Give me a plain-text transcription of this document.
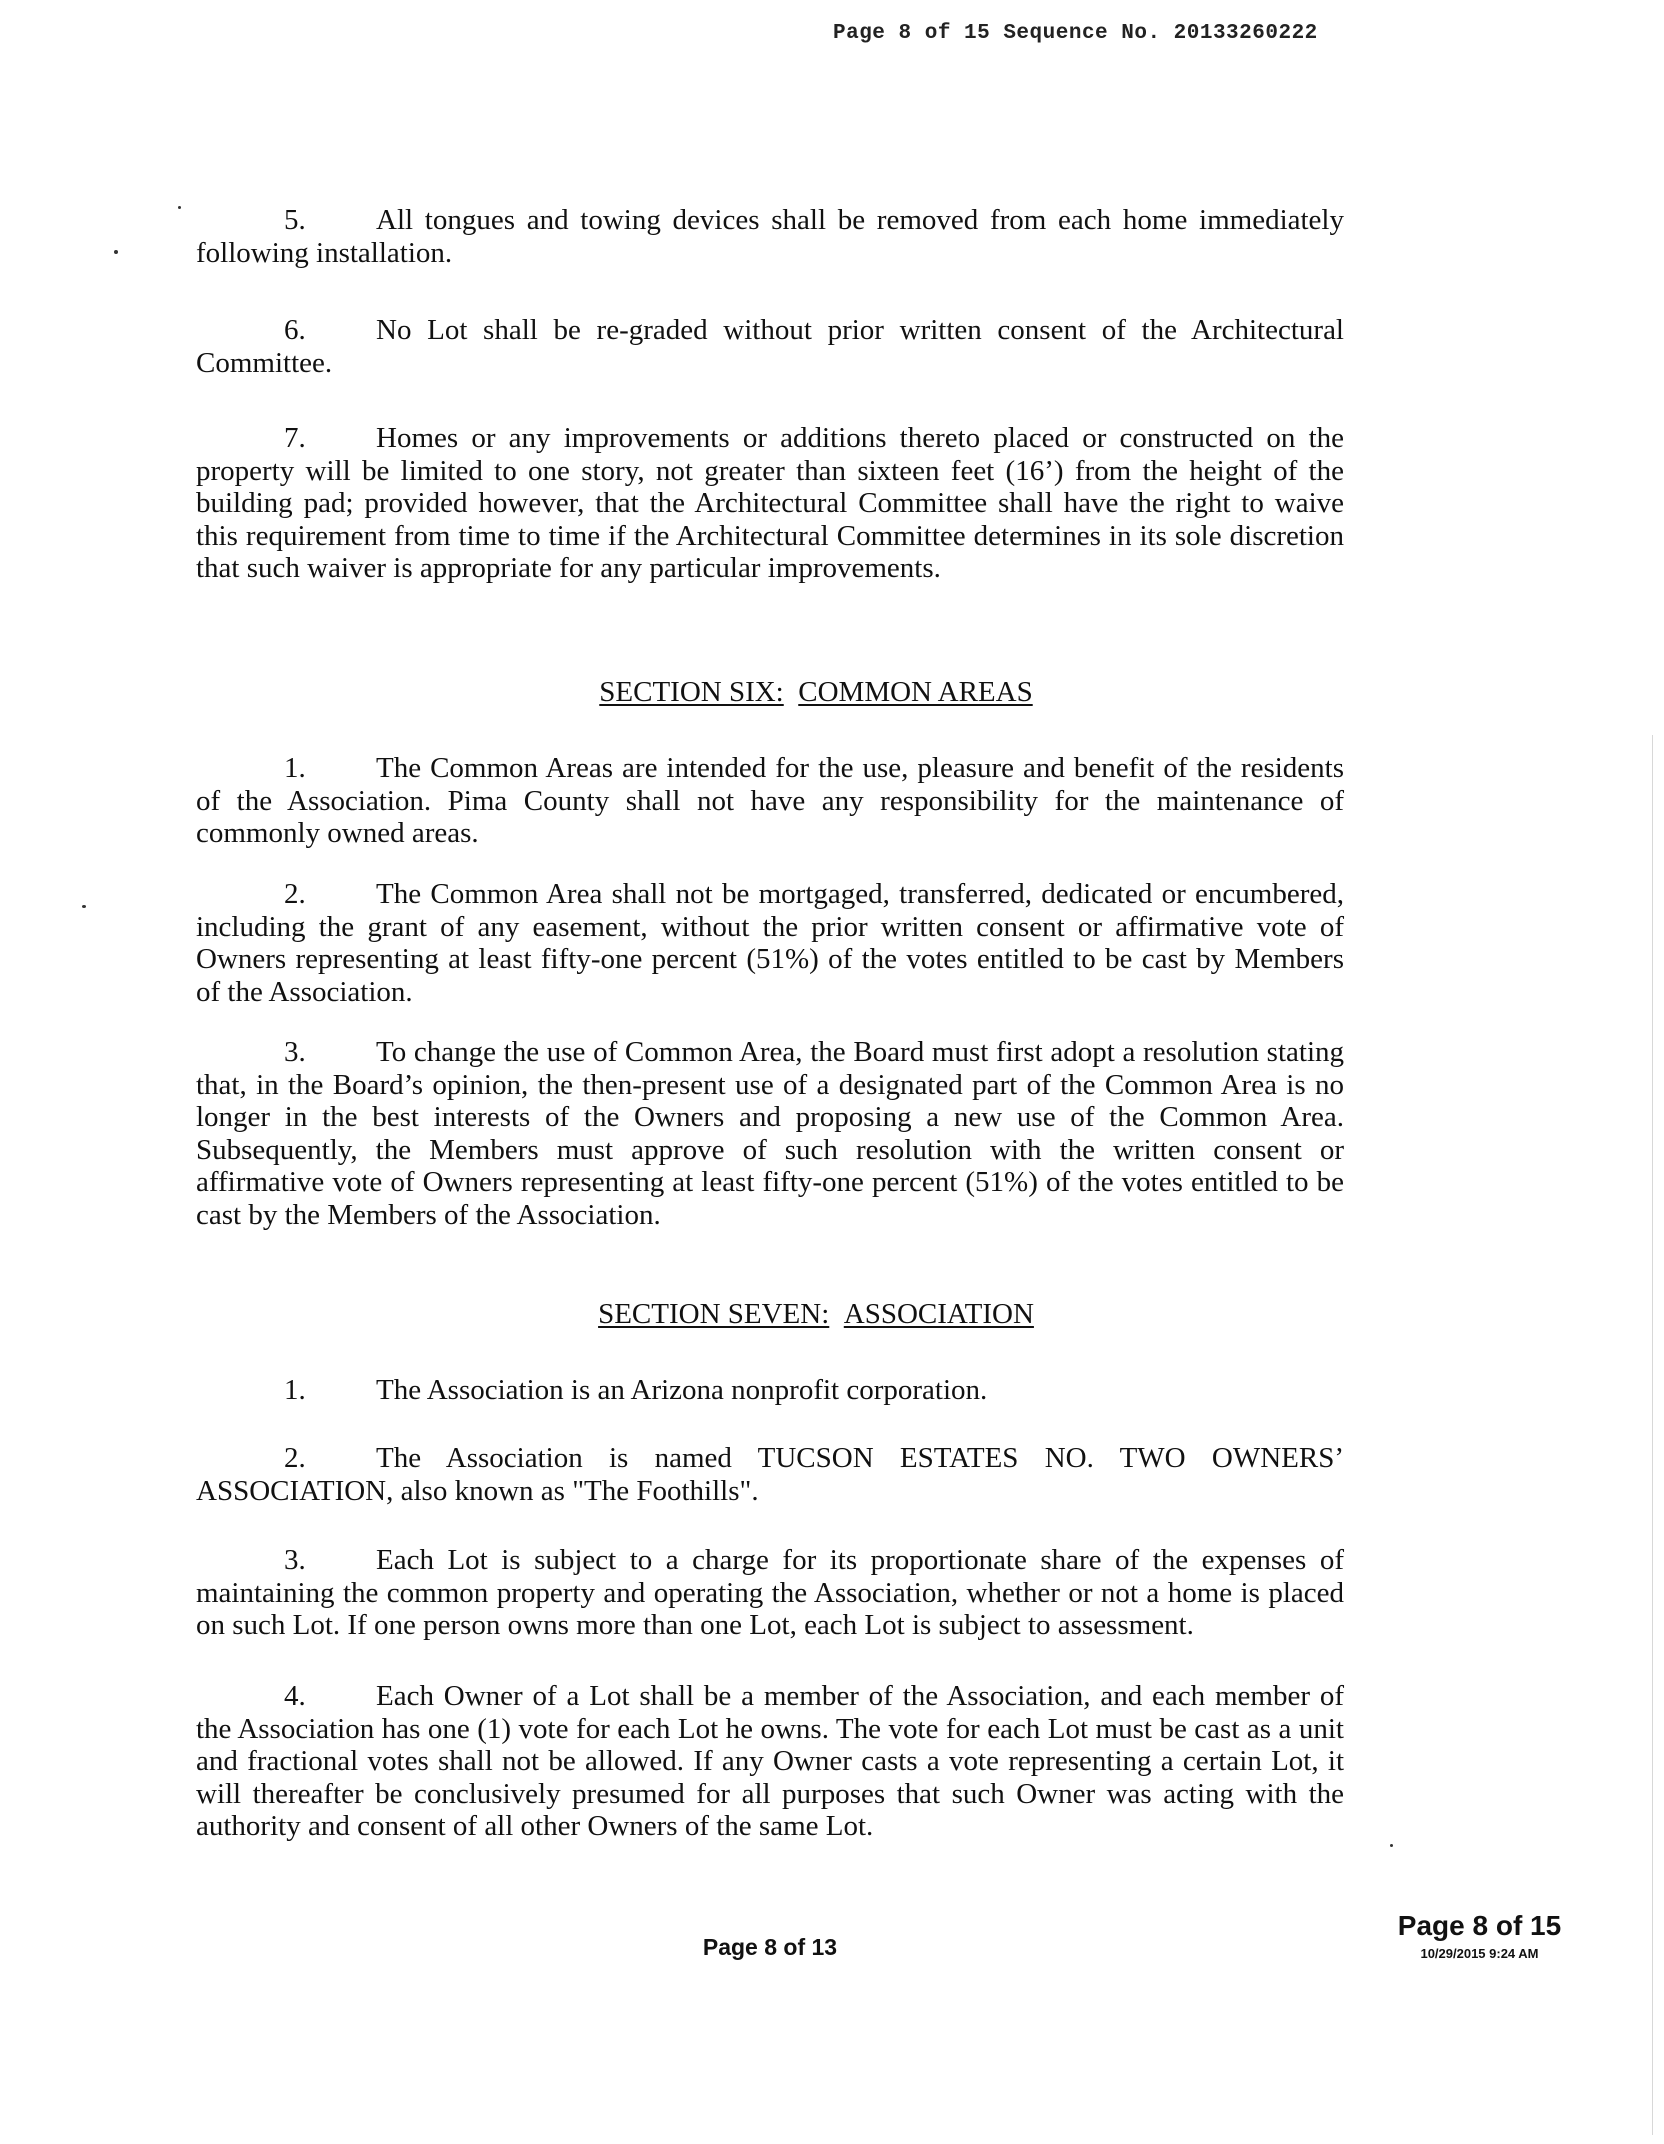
Page 8 of 15 Sequence No. 20133260222
5. All tongues and towing devices shall be removed from each home immediately following installation.
6. No Lot shall be re-graded without prior written consent of the Architectural Committee.
7. Homes or any improvements or additions thereto placed or constructed on the property will be limited to one story, not greater than sixteen feet (16’) from the height of the building pad; provided however, that the Architectural Committee shall have the right to waive this requirement from time to time if the Architectural Committee determines in its sole discretion that such waiver is appropriate for any particular improvements.
SECTION SIX: COMMON AREAS
1. The Common Areas are intended for the use, pleasure and benefit of the residents of the Association. Pima County shall not have any responsibility for the maintenance of commonly owned areas.
2. The Common Area shall not be mortgaged, transferred, dedicated or encumbered, including the grant of any easement, without the prior written consent or affirmative vote of Owners representing at least fifty-one percent (51%) of the votes entitled to be cast by Members of the Association.
3. To change the use of Common Area, the Board must first adopt a resolution stating that, in the Board’s opinion, the then-present use of a designated part of the Common Area is no longer in the best interests of the Owners and proposing a new use of the Common Area. Subsequently, the Members must approve of such resolution with the written consent or affirmative vote of Owners representing at least fifty-one percent (51%) of the votes entitled to be cast by the Members of the Association.
SECTION SEVEN: ASSOCIATION
1. The Association is an Arizona nonprofit corporation.
2. The Association is named TUCSON ESTATES NO. TWO OWNERS’ ASSOCIATION, also known as "The Foothills".
3. Each Lot is subject to a charge for its proportionate share of the expenses of maintaining the common property and operating the Association, whether or not a home is placed on such Lot. If one person owns more than one Lot, each Lot is subject to assessment.
4. Each Owner of a Lot shall be a member of the Association, and each member of the Association has one (1) vote for each Lot he owns. The vote for each Lot must be cast as a unit and fractional votes shall not be allowed. If any Owner casts a vote representing a certain Lot, it will thereafter be conclusively presumed for all purposes that such Owner was acting with the authority and consent of all other Owners of the same Lot.
Page 8 of 13
Page 8 of 15
10/29/2015 9:24 AM
